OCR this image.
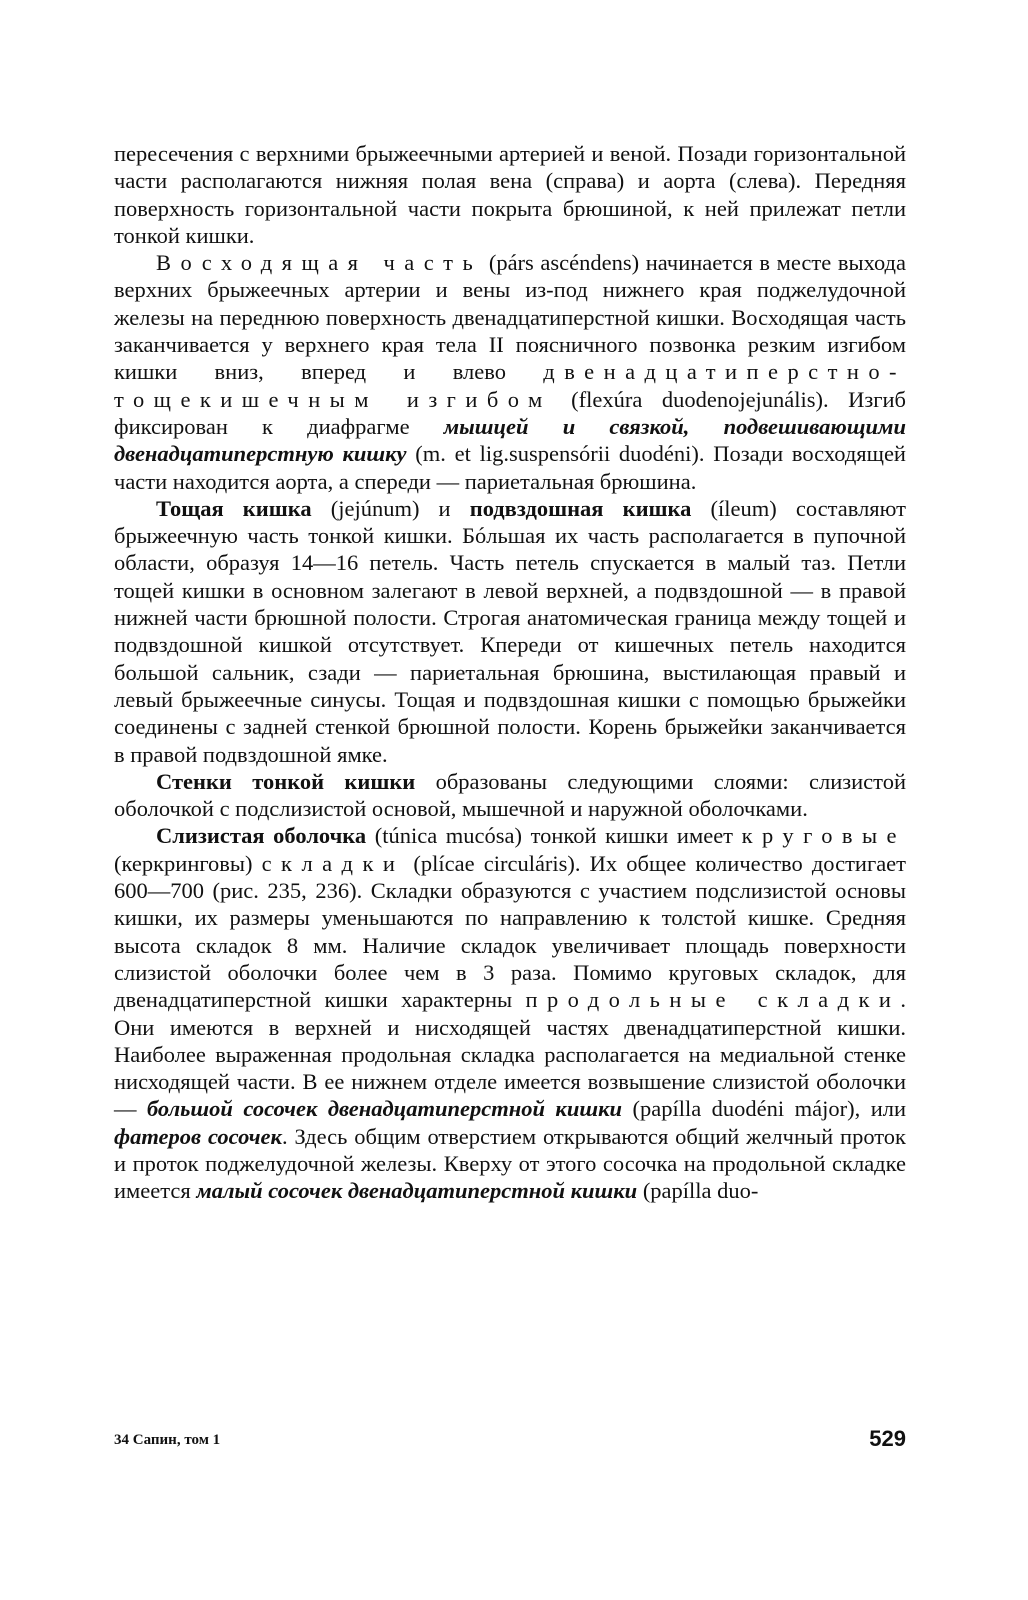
пересечения с верхними брыжеечными артерией и веной. Позади горизонтальной части располагаются нижняя полая вена (справа) и аорта (слева). Передняя поверхность горизонтальной части покрыта брюшиной, к ней прилежат петли тонкой кишки.

Восходящая часть (párs ascéndens) начинается в месте выхода верхних брыжеечных артерии и вены из-под нижнего края поджелудочной железы на переднюю поверхность двенадцатиперстной кишки. Восходящая часть заканчивается у верхнего края тела II поясничного позвонка резким изгибом кишки вниз, вперед и влево двенадцатиперстно-тощекишечным изгибом (flexúra duodenojejunális). Изгиб фиксирован к диафрагме мышцей и связкой, подвешивающими двенадцатиперстную кишку (m. et lig.suspensórii duodéni). Позади восходящей части находится аорта, а спереди — париетальная брюшина.

Тощая кишка (jejúnum) и подвздошная кишка (íleum) составляют брыжеечную часть тонкой кишки. Бóльшая их часть располагается в пупочной области, образуя 14—16 петель. Часть петель спускается в малый таз. Петли тощей кишки в основном залегают в левой верхней, а подвздошной — в правой нижней части брюшной полости. Строгая анатомическая граница между тощей и подвздошной кишкой отсутствует. Кпереди от кишечных петель находится большой сальник, сзади — париетальная брюшина, выстилающая правый и левый брыжеечные синусы. Тощая и подвздошная кишки с помощью брыжейки соединены с задней стенкой брюшной полости. Корень брыжейки заканчивается в правой подвздошной ямке.

Стенки тонкой кишки образованы следующими слоями: слизистой оболочкой с подслизистой основой, мышечной и наружной оболочками.

Слизистая оболочка (túnica mucósa) тонкой кишки имеет круговые (керкринговы) складки (plícae circuláris). Их общее количество достигает 600—700 (рис. 235, 236). Складки образуются с участием подслизистой основы кишки, их размеры уменьшаются по направлению к толстой кишке. Средняя высота складок 8 мм. Наличие складок увеличивает площадь поверхности слизистой оболочки более чем в 3 раза. Помимо круговых складок, для двенадцатиперстной кишки характерны продольные складки. Они имеются в верхней и нисходящей частях двенадцатиперстной кишки. Наиболее выраженная продольная складка располагается на медиальной стенке нисходящей части. В ее нижнем отделе имеется возвышение слизистой оболочки — большой сосочек двенадцатиперстной кишки (papílla duodéni májor), или фатеров сосочек. Здесь общим отверстием открываются общий желчный проток и проток поджелудочной железы. Кверху от этого сосочка на продольной складке имеется малый сосочек двенадцатиперстной кишки (papílla duo-

34 Сапин, том 1	529
